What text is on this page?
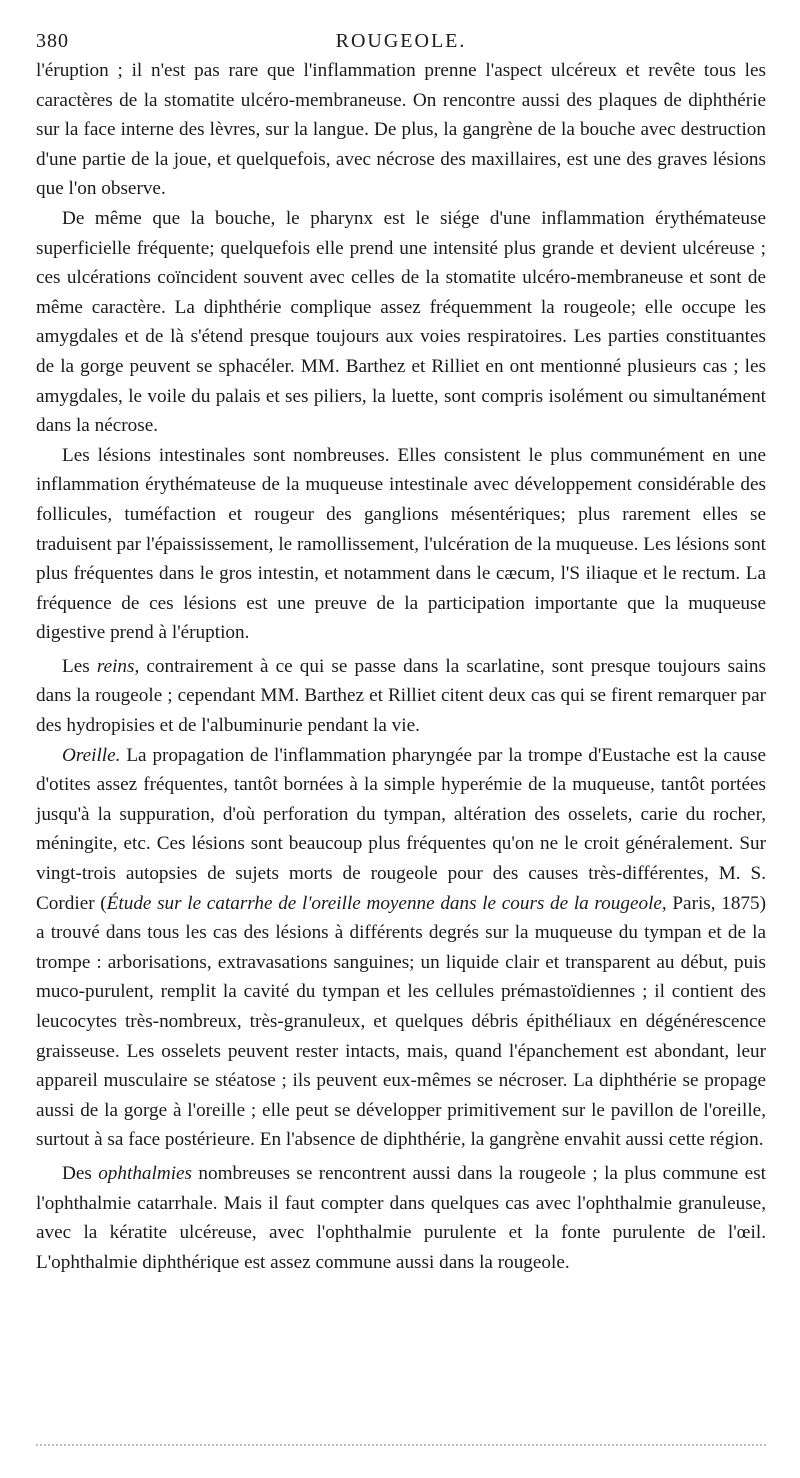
380	ROUGEOLE.

l'éruption ; il n'est pas rare que l'inflammation prenne l'aspect ulcéreux et revête tous les caractères de la stomatite ulcéro-membraneuse. On rencontre aussi des plaques de diphthérie sur la face interne des lèvres, sur la langue. De plus, la gangrène de la bouche avec destruction d'une partie de la joue, et quelquefois, avec nécrose des maxillaires, est une des graves lésions que l'on observe.

De même que la bouche, le pharynx est le siége d'une inflammation érythémateuse superficielle fréquente; quelquefois elle prend une intensité plus grande et devient ulcéreuse ; ces ulcérations coïncident souvent avec celles de la stomatite ulcéro-membraneuse et sont de même caractère. La diphthérie complique assez fréquemment la rougeole; elle occupe les amygdales et de là s'étend presque toujours aux voies respiratoires. Les parties constituantes de la gorge peuvent se sphacéler. MM. Barthez et Rilliet en ont mentionné plusieurs cas ; les amygdales, le voile du palais et ses piliers, la luette, sont compris isolément ou simultanément dans la nécrose.

Les lésions intestinales sont nombreuses. Elles consistent le plus communément en une inflammation érythémateuse de la muqueuse intestinale avec développement considérable des follicules, tuméfaction et rougeur des ganglions mésentériques; plus rarement elles se traduisent par l'épaississement, le ramollissement, l'ulcération de la muqueuse. Les lésions sont plus fréquentes dans le gros intestin, et notamment dans le cæcum, l'S iliaque et le rectum. La fréquence de ces lésions est une preuve de la participation importante que la muqueuse digestive prend à l'éruption.

Les reins, contrairement à ce qui se passe dans la scarlatine, sont presque toujours sains dans la rougeole ; cependant MM. Barthez et Rilliet citent deux cas qui se firent remarquer par des hydropisies et de l'albuminurie pendant la vie.

Oreille. La propagation de l'inflammation pharyngée par la trompe d'Eustache est la cause d'otites assez fréquentes, tantôt bornées à la simple hyperémie de la muqueuse, tantôt portées jusqu'à la suppuration, d'où perforation du tympan, altération des osselets, carie du rocher, méningite, etc. Ces lésions sont beaucoup plus fréquentes qu'on ne le croit généralement. Sur vingt-trois autopsies de sujets morts de rougeole pour des causes très-différentes, M. S. Cordier (Étude sur le catarrhe de l'oreille moyenne dans le cours de la rougeole, Paris, 1875) a trouvé dans tous les cas des lésions à différents degrés sur la muqueuse du tympan et de la trompe : arborisations, extravasations sanguines; un liquide clair et transparent au début, puis muco-purulent, remplit la cavité du tympan et les cellules prémastoïdiennes ; il contient des leucocytes très-nombreux, très-granuleux, et quelques débris épithéliaux en dégénérescence graisseuse. Les osselets peuvent rester intacts, mais, quand l'épanchement est abondant, leur appareil musculaire se stéatose ; ils peuvent eux-mêmes se nécroser. La diphthérie se propage aussi de la gorge à l'oreille ; elle peut se développer primitivement sur le pavillon de l'oreille, surtout à sa face postérieure. En l'absence de diphthérie, la gangrène envahit aussi cette région.

Des ophthalmies nombreuses se rencontrent aussi dans la rougeole ; la plus commune est l'ophthalmie catarrhale. Mais il faut compter dans quelques cas avec l'ophthalmie granuleuse, avec la kératite ulcéreuse, avec l'ophthalmie purulente et la fonte purulente de l'œil. L'ophthalmie diphthérique est assez commune aussi dans la rougeole.
